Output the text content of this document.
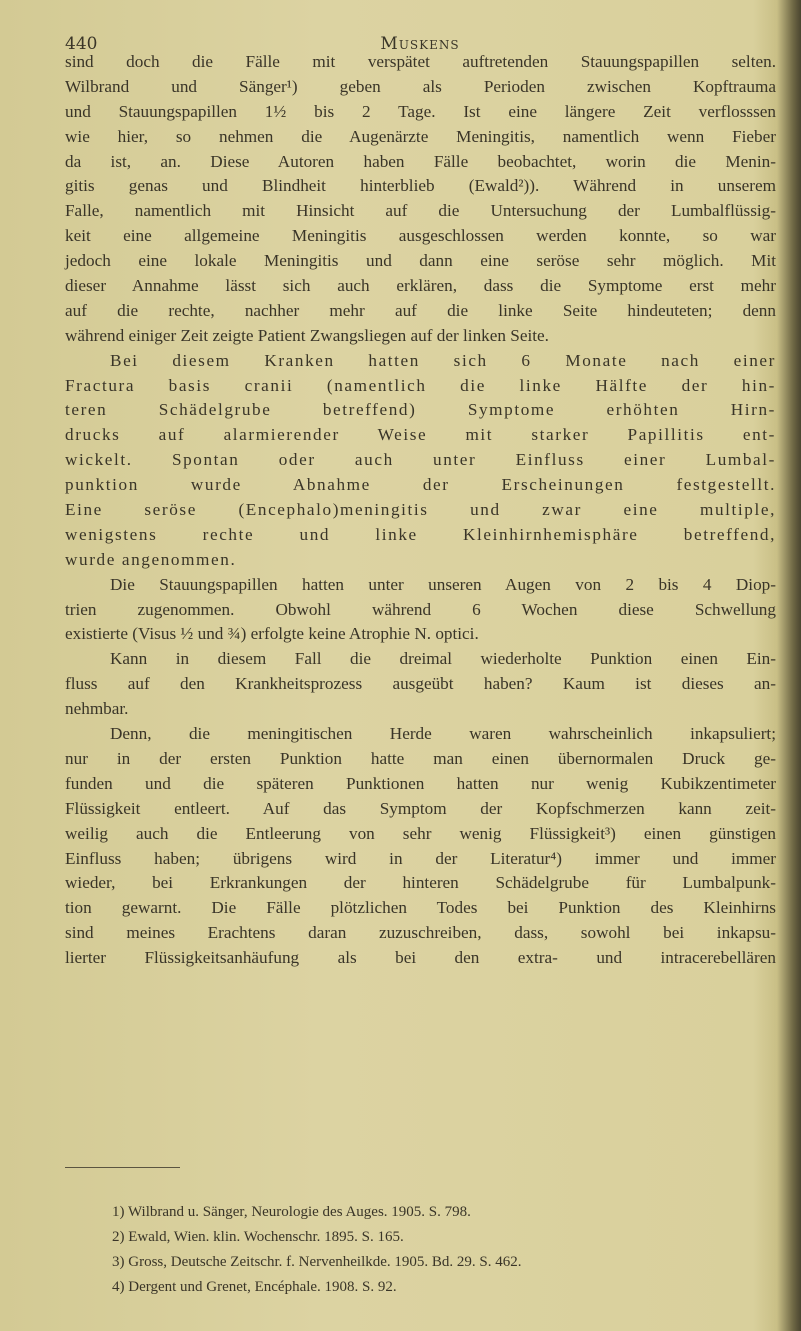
440	Muskens
sind doch die Fälle mit verspätet auftretenden Stauungspapillen selten.
Wilbrand und Sänger¹) geben als Perioden zwischen Kopftrauma
und Stauungspapillen 1½ bis 2 Tage. Ist eine längere Zeit verflosssen
wie hier, so nehmen die Augenärzte Meningitis, namentlich wenn Fieber
da ist, an. Diese Autoren haben Fälle beobachtet, worin die Menin-
gitis genas und Blindheit hinterblieb (Ewald²)). Während in unserem
Falle, namentlich mit Hinsicht auf die Untersuchung der Lumbalflüssig-
keit eine allgemeine Meningitis ausgeschlossen werden konnte, so war
jedoch eine lokale Meningitis und dann eine seröse sehr möglich. Mit
dieser Annahme lässt sich auch erklären, dass die Symptome erst mehr
auf die rechte, nachher mehr auf die linke Seite hindeuteten; denn
während einiger Zeit zeigte Patient Zwangsliegen auf der linken Seite.
Bei diesem Kranken hatten sich 6 Monate nach einer
Fractura basis cranii (namentlich die linke Hälfte der hin-
teren Schädelgrube betreffend) Symptome erhöhten Hirn-
drucks auf alarmierender Weise mit starker Papillitis ent-
wickelt. Spontan oder auch unter Einfluss einer Lumbal-
punktion wurde Abnahme der Erscheinungen festgestellt.
Eine seröse (Encephalo)meningitis und zwar eine multiple,
wenigstens rechte und linke Kleinhirnhemisphäre betreffend,
wurde angenommen.
Die Stauungspapillen hatten unter unseren Augen von 2 bis 4 Diop-
trien zugenommen. Obwohl während 6 Wochen diese Schwellung
existierte (Visus ½ und ¾) erfolgte keine Atrophie N. optici.
Kann in diesem Fall die dreimal wiederholte Punktion einen Ein-
fluss auf den Krankheitsprozess ausgeübt haben? Kaum ist dieses an-
nehmbar.
Denn, die meningitischen Herde waren wahrscheinlich inkapsuliert;
nur in der ersten Punktion hatte man einen übernormalen Druck ge-
funden und die späteren Punktionen hatten nur wenig Kubikzentimeter
Flüssigkeit entleert. Auf das Symptom der Kopfschmerzen kann zeit-
weilig auch die Entleerung von sehr wenig Flüssigkeit³) einen günstigen
Einfluss haben; übrigens wird in der Literatur⁴) immer und immer
wieder, bei Erkrankungen der hinteren Schädelgrube für Lumbalpunk-
tion gewarnt. Die Fälle plötzlichen Todes bei Punktion des Kleinhirns
sind meines Erachtens daran zuzuschreiben, dass, sowohl bei inkapsu-
lierter Flüssigkeitsanhäufung als bei den extra- und intracerebellären
1) Wilbrand u. Sänger, Neurologie des Auges. 1905. S. 798.
2) Ewald, Wien. klin. Wochenschr. 1895. S. 165.
3) Gross, Deutsche Zeitschr. f. Nervenheilkde. 1905. Bd. 29. S. 462.
4) Dergent und Grenet, Encéphale. 1908. S. 92.
